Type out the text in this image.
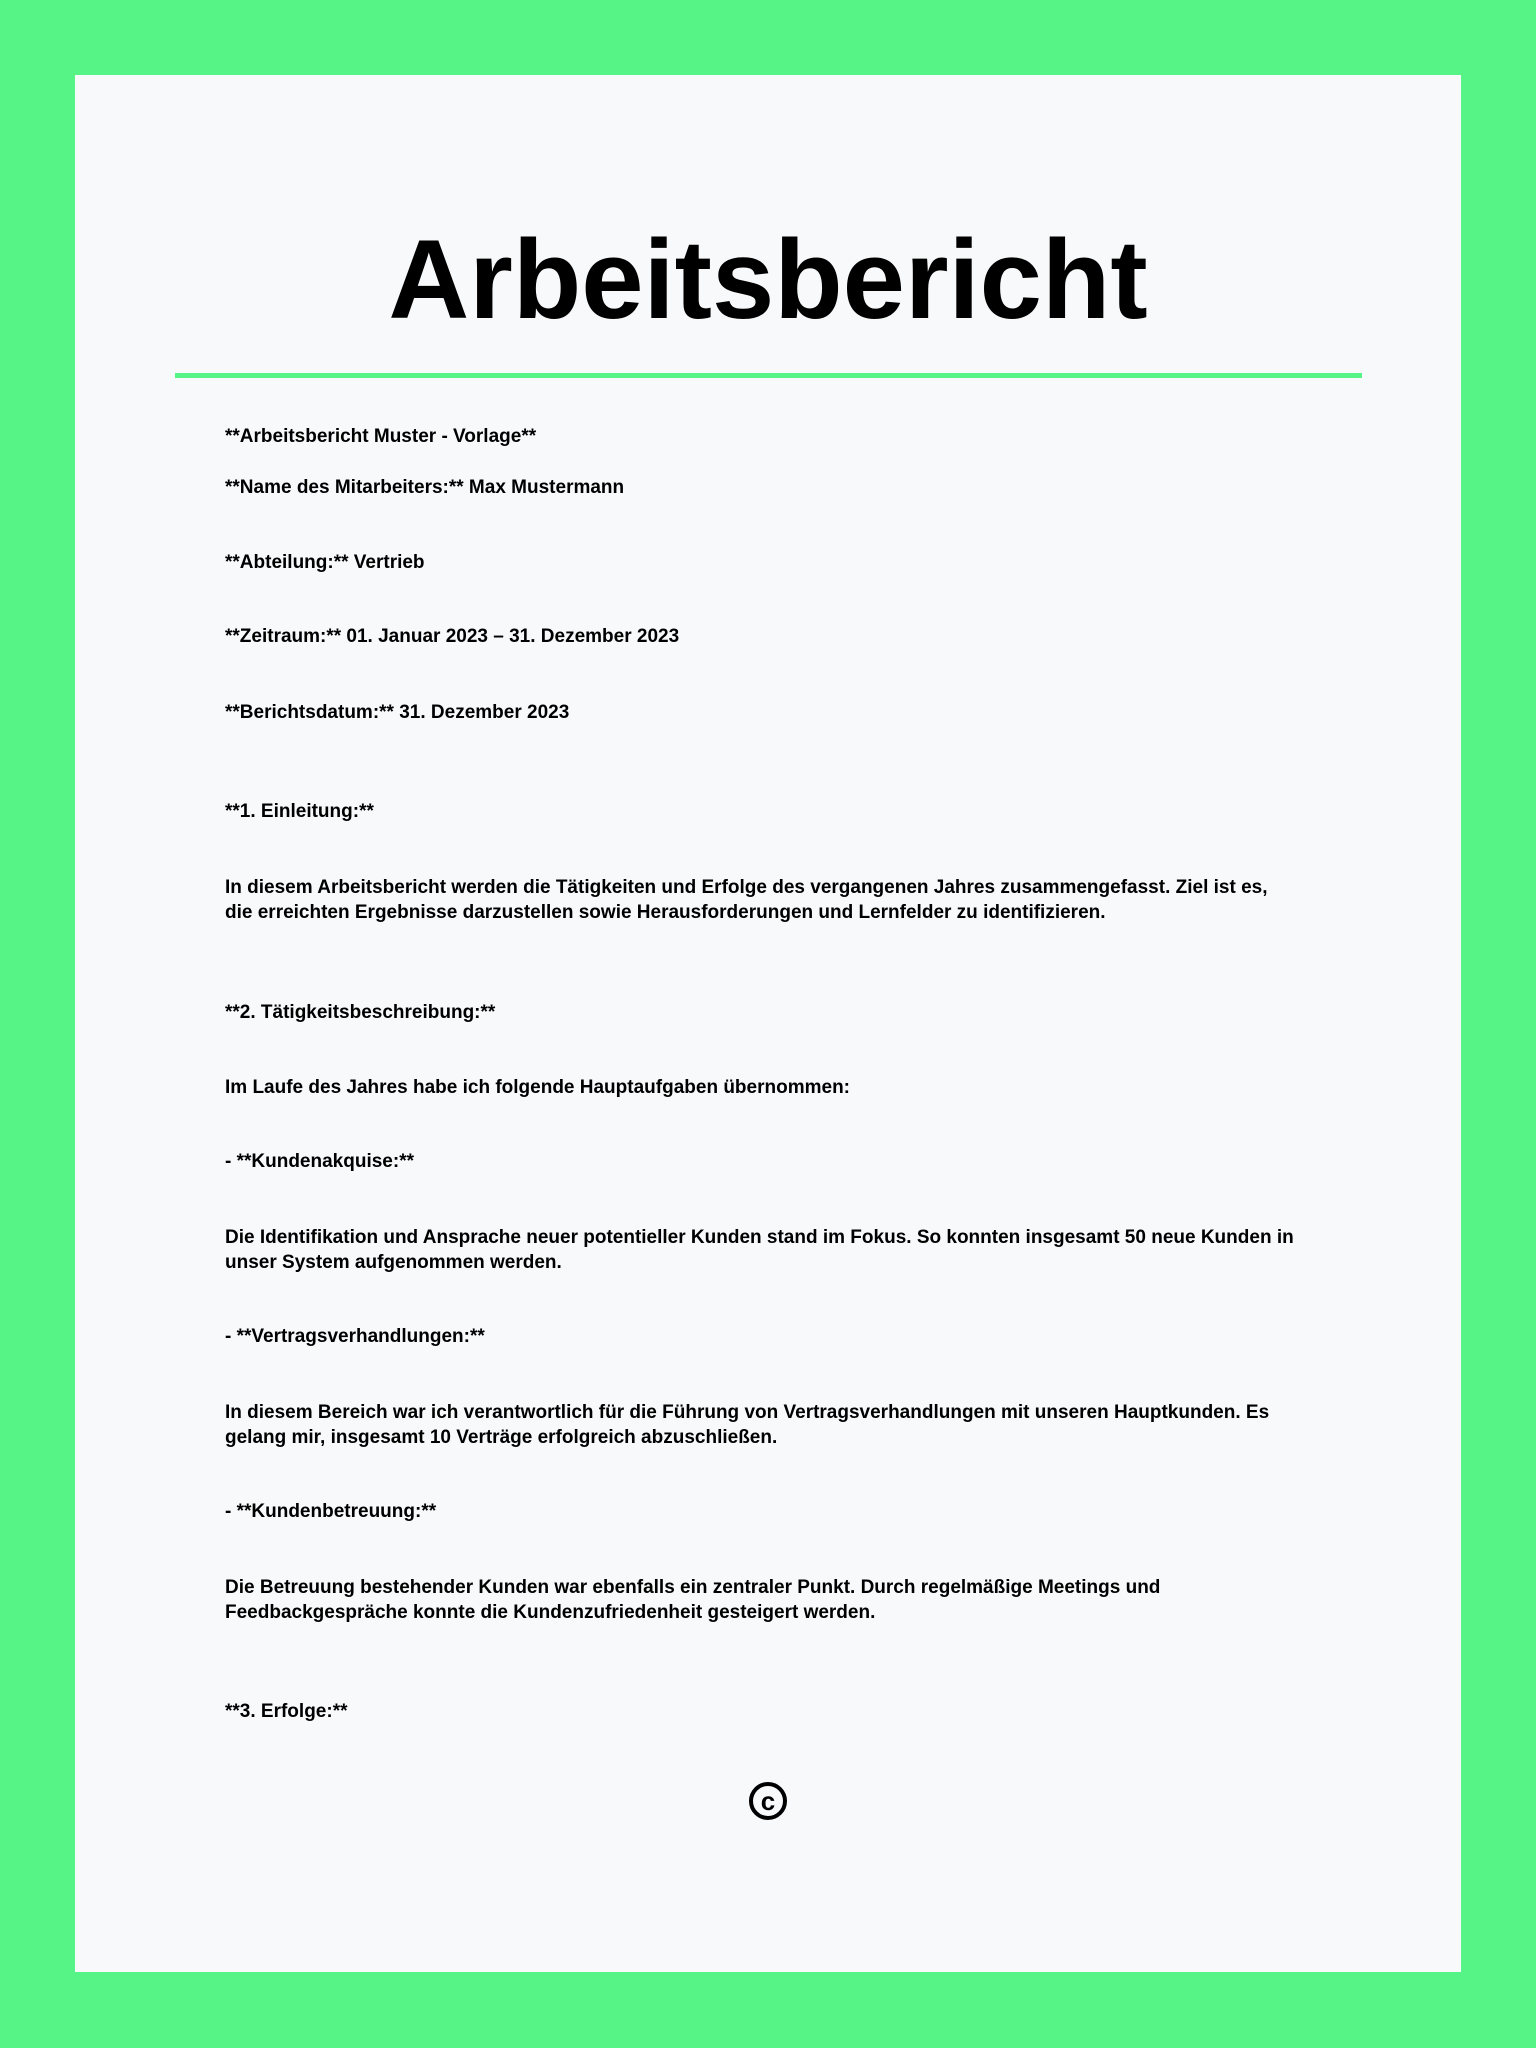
Arbeitsbericht
**Arbeitsbericht Muster - Vorlage**
**Name des Mitarbeiters:** Max Mustermann
**Abteilung:** Vertrieb
**Zeitraum:** 01. Januar 2023 – 31. Dezember 2023
**Berichtsdatum:** 31. Dezember 2023
**1. Einleitung:**
In diesem Arbeitsbericht werden die Tätigkeiten und Erfolge des vergangenen Jahres zusammengefasst. Ziel ist es,
die erreichten Ergebnisse darzustellen sowie Herausforderungen und Lernfelder zu identifizieren.
**2. Tätigkeitsbeschreibung:**
Im Laufe des Jahres habe ich folgende Hauptaufgaben übernommen:
- **Kundenakquise:**
Die Identifikation und Ansprache neuer potentieller Kunden stand im Fokus. So konnten insgesamt 50 neue Kunden in
unser System aufgenommen werden.
- **Vertragsverhandlungen:**
In diesem Bereich war ich verantwortlich für die Führung von Vertragsverhandlungen mit unseren Hauptkunden. Es
gelang mir, insgesamt 10 Verträge erfolgreich abzuschließen.
- **Kundenbetreuung:**
Die Betreuung bestehender Kunden war ebenfalls ein zentraler Punkt. Durch regelmäßige Meetings und
Feedbackgespräche konnte die Kundenzufriedenheit gesteigert werden.
**3. Erfolge:**
c
